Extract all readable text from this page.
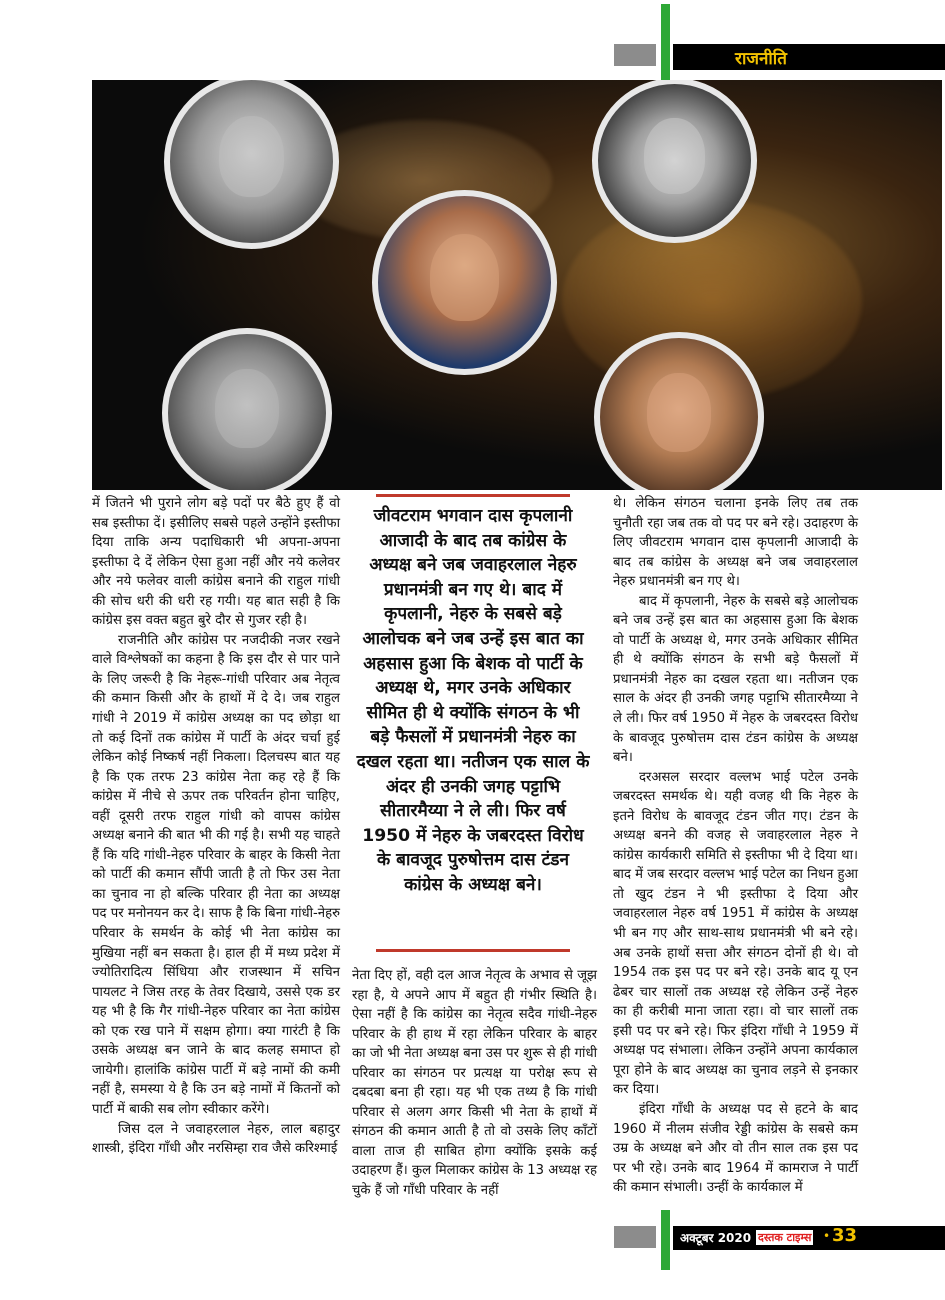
राजनीति

में जितने भी पुराने लोग बड़े पदों पर बैठे हुए हैं वो सब इस्तीफा दें। इसीलिए सबसे पहले उन्होंने इस्तीफा दिया ताकि अन्य पदाधिकारी भी अपना-अपना इस्तीफा दे दें लेकिन ऐसा हुआ नहीं और नये कलेवर और नये फलेवर वाली कांग्रेस बनाने की राहुल गांधी की सोच धरी की धरी रह गयी। यह बात सही है कि कांग्रेस इस वक्त बहुत बुरे दौर से गुजर रही है।

राजनीति और कांग्रेस पर नजदीकी नजर रखने वाले विश्लेषकों का कहना है कि इस दौर से पार पाने के लिए जरूरी है कि नेहरू-गांधी परिवार अब नेतृत्व की कमान किसी और के हाथों में दे दे। जब राहुल गांधी ने 2019 में कांग्रेस अध्यक्ष का पद छोड़ा था तो कई दिनों तक कांग्रेस में पार्टी के अंदर चर्चा हुई लेकिन कोई निष्कर्ष नहीं निकला। दिलचस्प बात यह है कि एक तरफ 23 कांग्रेस नेता कह रहे हैं कि कांग्रेस में नीचे से ऊपर तक परिवर्तन होना चाहिए, वहीं दूसरी तरफ राहुल गांधी को वापस कांग्रेस अध्यक्ष बनाने की बात भी की गई है। सभी यह चाहते हैं कि यदि गांधी-नेहरु परिवार के बाहर के किसी नेता को पार्टी की कमान सौंपी जाती है तो फिर उस नेता का चुनाव ना हो बल्कि परिवार ही नेता का अध्यक्ष पद पर मनोनयन कर दे। साफ है कि बिना गांधी-नेहरु परिवार के समर्थन के कोई भी नेता कांग्रेस का मुखिया नहीं बन सकता है। हाल ही में मध्य प्रदेश में ज्योतिरादित्य सिंधिया और राजस्थान में सचिन पायलट ने जिस तरह के तेवर दिखाये, उससे एक डर यह भी है कि गैर गांधी-नेहरु परिवार का नेता कांग्रेस को एक रख पाने में सक्षम होगा। क्या गारंटी है कि उसके अध्यक्ष बन जाने के बाद कलह समाप्त हो जायेगी। हालांकि कांग्रेस पार्टी में बड़े नामों की कमी नहीं है, समस्या ये है कि उन बड़े नामों में कितनों को पार्टी में बाकी सब लोग स्वीकार करेंगे।

जिस दल ने जवाहरलाल नेहरु, लाल बहादुर शास्त्री, इंदिरा गाँधी और नरसिम्हा राव जैसे करिश्माई

जीवटराम भगवान दास कृपलानी आजादी के बाद तब कांग्रेस के अध्यक्ष बने जब जवाहरलाल नेहरु प्रधानमंत्री बन गए थे। बाद में कृपलानी, नेहरु के सबसे बड़े आलोचक बने जब उन्हें इस बात का अहसास हुआ कि बेशक वो पार्टी के अध्यक्ष थे, मगर उनके अधिकार सीमित ही थे क्योंकि संगठन के भी बड़े फैसलों में प्रधानमंत्री नेहरु का दखल रहता था। नतीजन एक साल के अंदर ही उनकी जगह पट्टाभि सीतारमैय्या ने ले ली। फिर वर्ष 1950 में नेहरु के जबरदस्त विरोध के बावजूद पुरुषोत्तम दास टंडन कांग्रेस के अध्यक्ष बने।

नेता दिए हों, वही दल आज नेतृत्व के अभाव से जूझ रहा है, ये अपने आप में बहुत ही गंभीर स्थिति है। ऐसा नहीं है कि कांग्रेस का नेतृत्व सदैव गांधी-नेहरु परिवार के ही हाथ में रहा लेकिन परिवार के बाहर का जो भी नेता अध्यक्ष बना उस पर शुरू से ही गांधी परिवार का संगठन पर प्रत्यक्ष या परोक्ष रूप से दबदबा बना ही रहा। यह भी एक तथ्य है कि गांधी परिवार से अलग अगर किसी भी नेता के हाथों में संगठन की कमान आती है तो वो उसके लिए काँटों वाला ताज ही साबित होगा क्योंकि इसके कई उदाहरण हैं। कुल मिलाकर कांग्रेस के 13 अध्यक्ष रह चुके हैं जो गाँधी परिवार के नहीं

थे। लेकिन संगठन चलाना इनके लिए तब तक चुनौती रहा जब तक वो पद पर बने रहे। उदाहरण के लिए जीवटराम भगवान दास कृपलानी आजादी के बाद तब कांग्रेस के अध्यक्ष बने जब जवाहरलाल नेहरु प्रधानमंत्री बन गए थे।

बाद में कृपलानी, नेहरु के सबसे बड़े आलोचक बने जब उन्हें इस बात का अहसास हुआ कि बेशक वो पार्टी के अध्यक्ष थे, मगर उनके अधिकार सीमित ही थे क्योंकि संगठन के सभी बड़े फैसलों में प्रधानमंत्री नेहरु का दखल रहता था। नतीजन एक साल के अंदर ही उनकी जगह पट्टाभि सीतारमैय्या ने ले ली। फिर वर्ष 1950 में नेहरु के जबरदस्त विरोध के बावजूद पुरुषोत्तम दास टंडन कांग्रेस के अध्यक्ष बने।

दरअसल सरदार वल्लभ भाई पटेल उनके जबरदस्त समर्थक थे। यही वजह थी कि नेहरु के इतने विरोध के बावजूद टंडन जीत गए। टंडन के अध्यक्ष बनने की वजह से जवाहरलाल नेहरु ने कांग्रेस कार्यकारी समिति से इस्तीफा भी दे दिया था। बाद में जब सरदार वल्लभ भाई पटेल का निधन हुआ तो खुद टंडन ने भी इस्तीफा दे दिया और जवाहरलाल नेहरु वर्ष 1951 में कांग्रेस के अध्यक्ष भी बन गए और साथ-साथ प्रधानमंत्री भी बने रहे। अब उनके हाथों सत्ता और संगठन दोनों ही थे। वो 1954 तक इस पद पर बने रहे। उनके बाद यू एन ढेबर चार सालों तक अध्यक्ष रहे लेकिन उन्हें नेहरु का ही करीबी माना जाता रहा। वो चार सालों तक इसी पद पर बने रहे। फिर इंदिरा गाँधी ने 1959 में अध्यक्ष पद संभाला। लेकिन उन्होंने अपना कार्यकाल पूरा होने के बाद अध्यक्ष का चुनाव लड़ने से इनकार कर दिया।

इंदिरा गाँधी के अध्यक्ष पद से हटने के बाद 1960 में नीलम संजीव रेड्डी कांग्रेस के सबसे कम उम्र के अध्यक्ष बने और वो तीन साल तक इस पद पर भी रहे। उनके बाद 1964 में कामराज ने पार्टी की कमान संभाली। उन्हीं के कार्यकाल में

अक्टूबर 2020 दस्तक टाइम्स • 33
